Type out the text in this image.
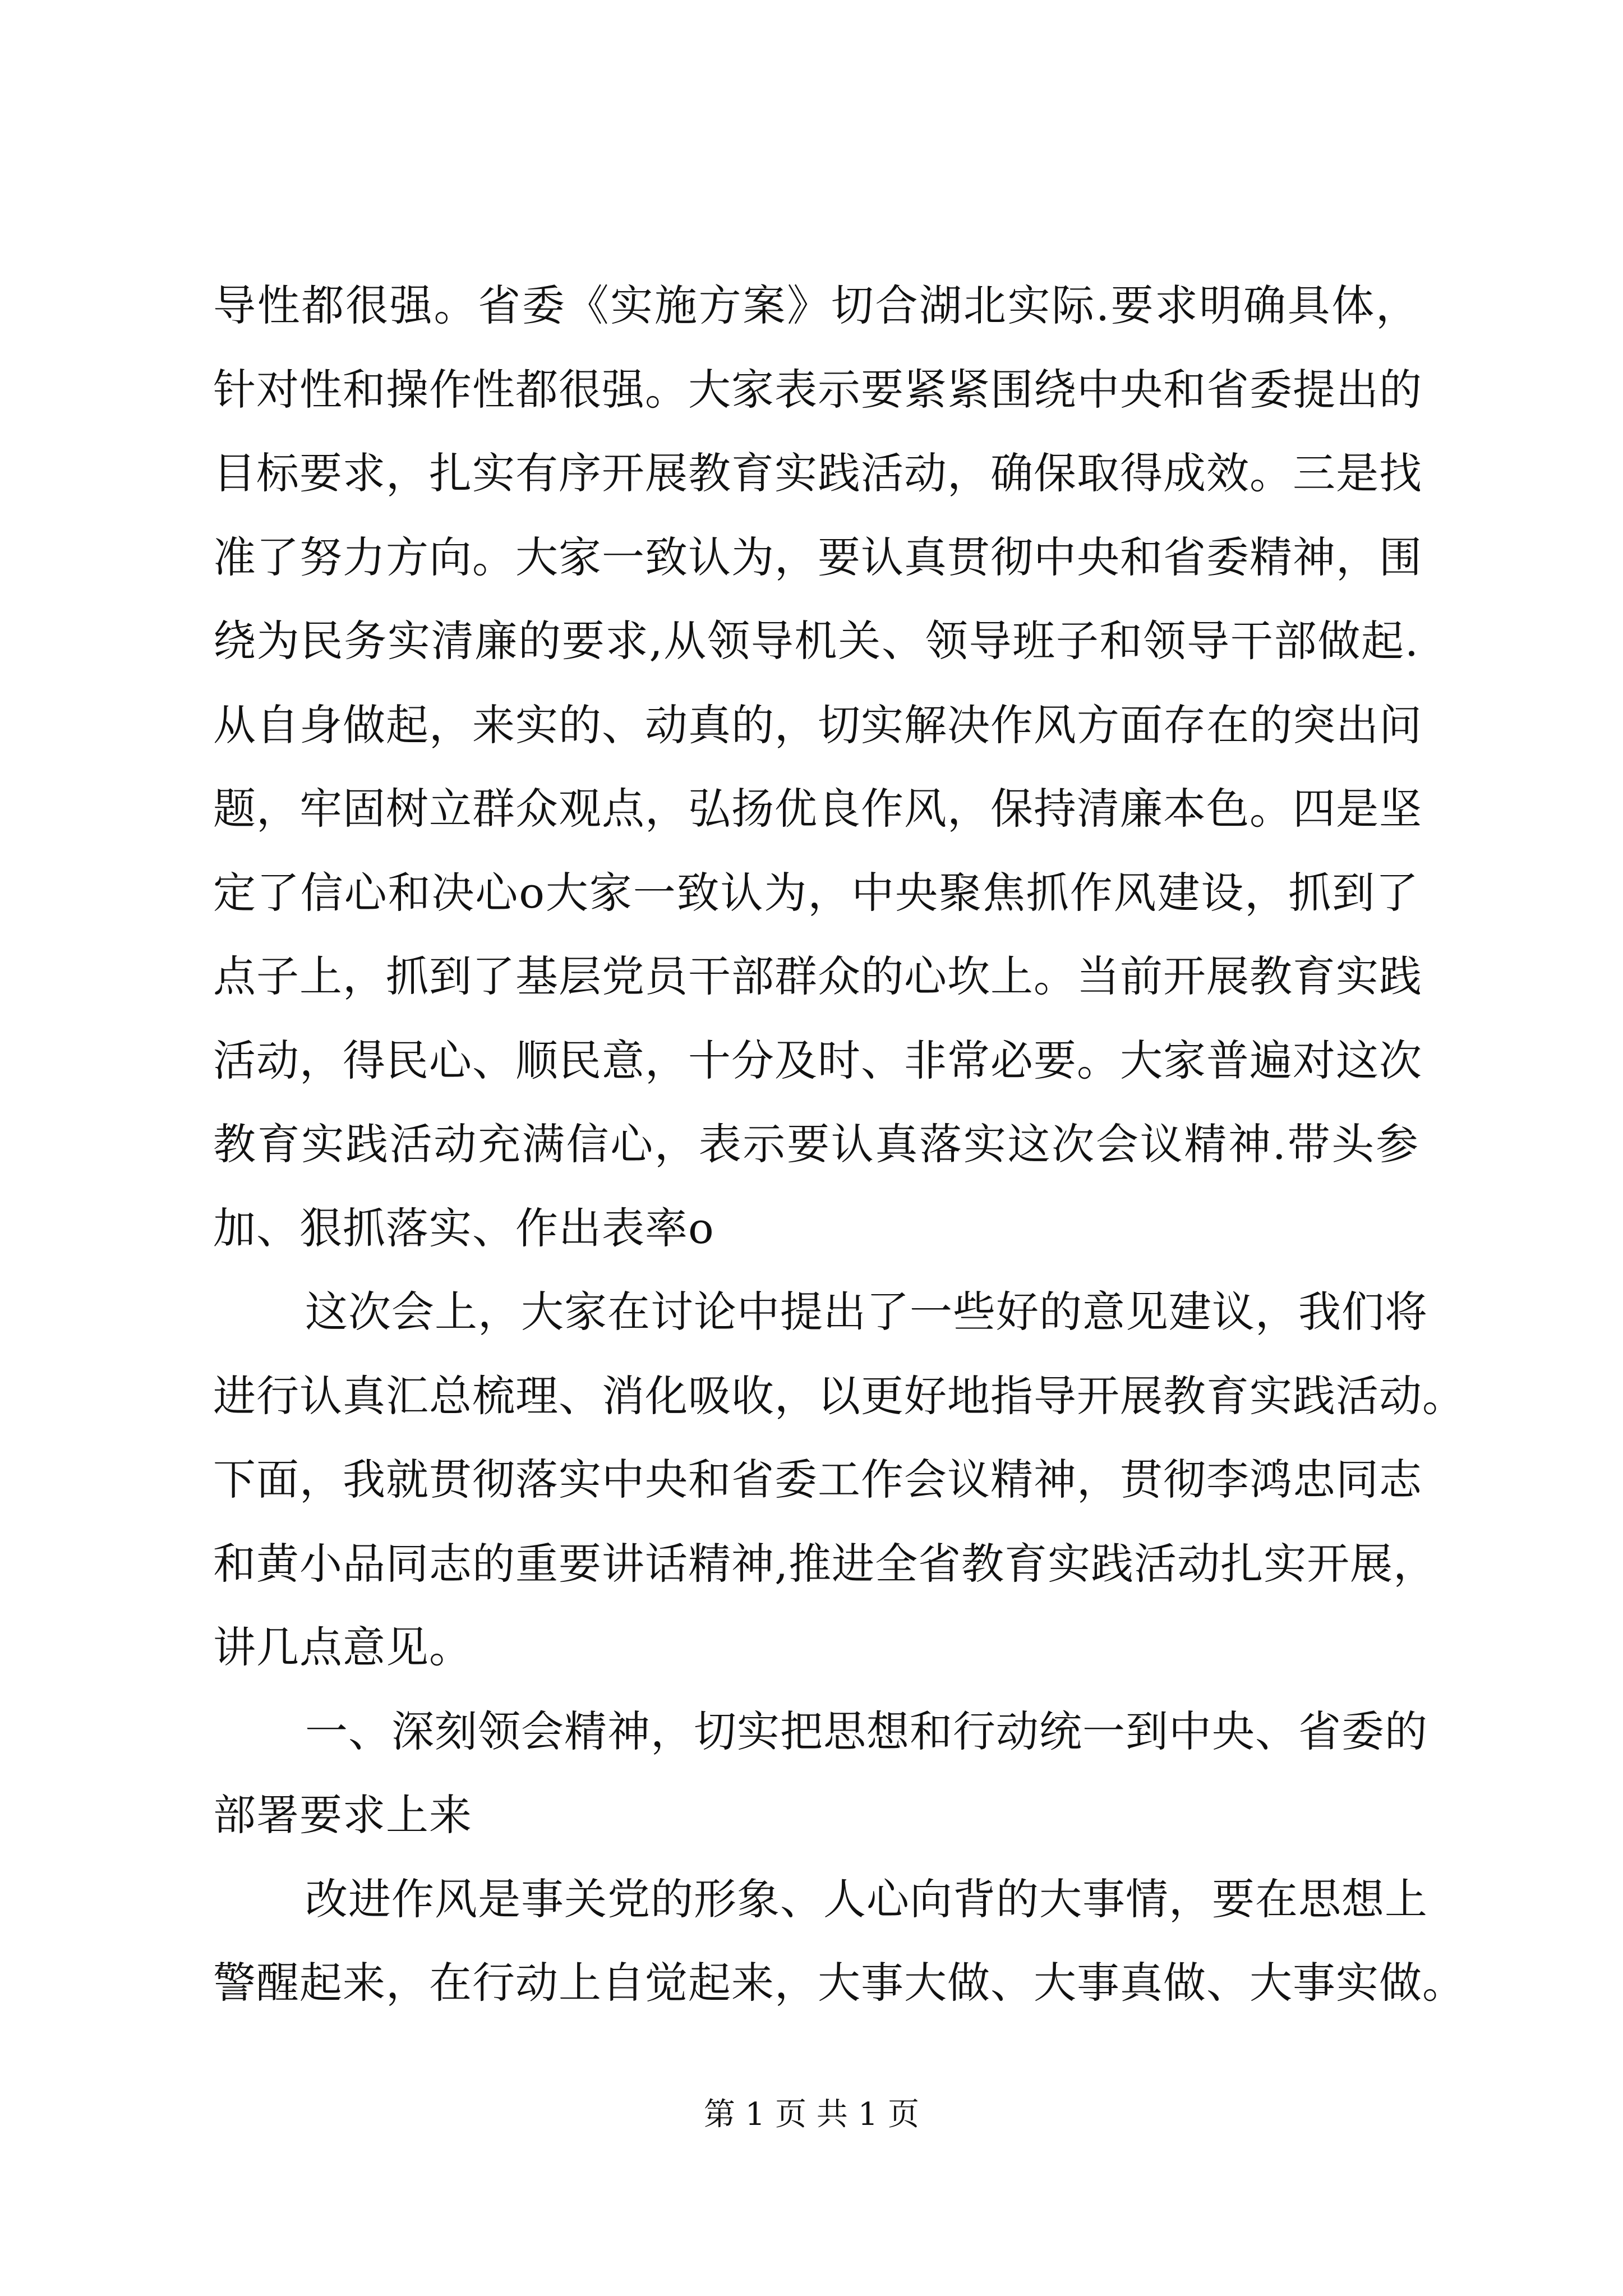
导性都很强。省委《实施方案》切合湖北实际.要求明确具体，
针对性和操作性都很强。大家表示要紧紧围绕中央和省委提出的
目标要求，扎实有序开展教育实践活动，确保取得成效。三是找
准了努力方向。大家一致认为，要认真贯彻中央和省委精神，围
绕为民务实清廉的要求,从领导机关、领导班子和领导干部做起.
从自身做起，来实的、动真的，切实解决作风方面存在的突出问
题，牢固树立群众观点，弘扬优良作风，保持清廉本色。四是坚
定了信心和决心o大家一致认为，中央聚焦抓作风建设，抓到了
点子上，抓到了基层党员干部群众的心坎上。当前开展教育实践
活动，得民心、顺民意，十分及时、非常必要。大家普遍对这次
教育实践活动充满信心，表示要认真落实这次会议精神.带头参
加、狠抓落实、作出表率o
这次会上，大家在讨论中提出了一些好的意见建议，我们将
进行认真汇总梳理、消化吸收，以更好地指导开展教育实践活动。
下面，我就贯彻落实中央和省委工作会议精神，贯彻李鸿忠同志
和黄小品同志的重要讲话精神,推进全省教育实践活动扎实开展，
讲几点意见。
一、深刻领会精神，切实把思想和行动统一到中央、省委的
部署要求上来
改进作风是事关党的形象、人心向背的大事情，要在思想上
警醒起来，在行动上自觉起来，大事大做、大事真做、大事实做。
第 1 页 共 1 页
